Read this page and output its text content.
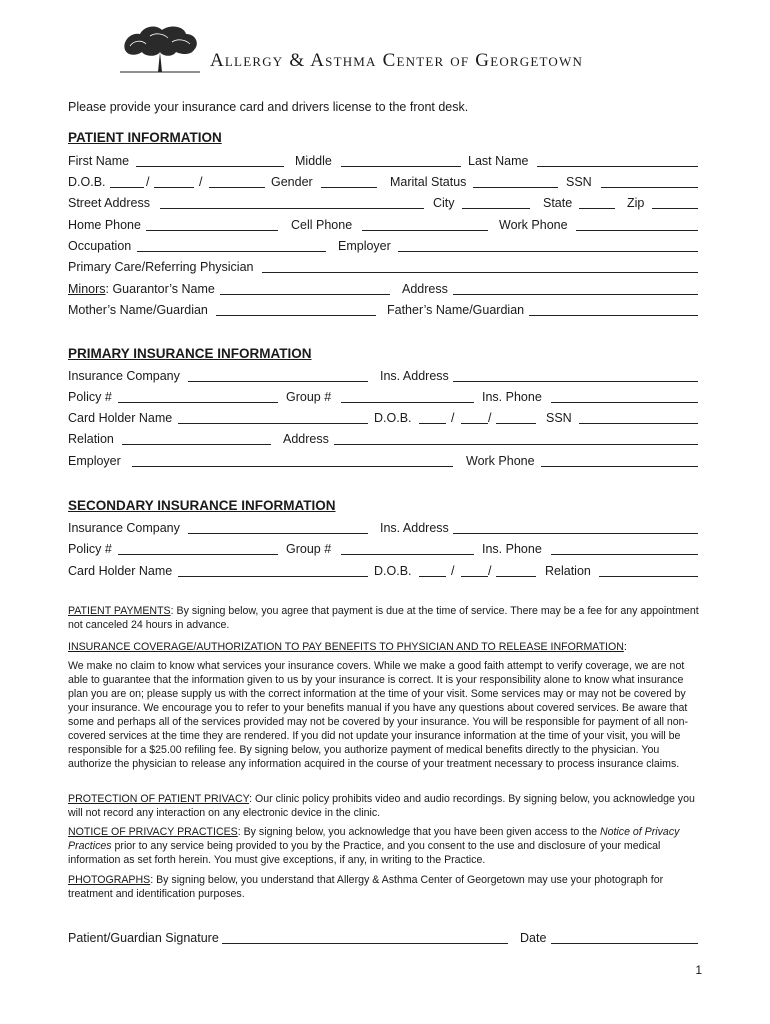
Allergy & Asthma Center of Georgetown
Please provide your insurance card and drivers license to the front desk.
PATIENT INFORMATION
First Name	Middle	Last Name
D.O.B.	/	/	Gender	Marital Status	SSN
Street Address	City	State	Zip
Home Phone	Cell Phone	Work Phone
Occupation	Employer
Primary Care/Referring Physician
Minors: Guarantor’s Name	Address
Mother’s Name/Guardian	Father’s Name/Guardian
PRIMARY INSURANCE INFORMATION
Insurance Company	Ins. Address
Policy #	Group #	Ins. Phone
Card Holder Name	D.O.B.	/	/	SSN
Relation	Address
Employer	Work Phone
SECONDARY INSURANCE INFORMATION
Insurance Company	Ins. Address
Policy #	Group #	Ins. Phone
Card Holder Name	D.O.B.	/	/	Relation
PATIENT PAYMENTS: By signing below, you agree that payment is due at the time of service. There may be a fee for any appointment not canceled 24 hours in advance.
INSURANCE COVERAGE/AUTHORIZATION TO PAY BENEFITS TO PHYSICIAN AND TO RELEASE INFORMATION:
We make no claim to know what services your insurance covers. While we make a good faith attempt to verify coverage, we are not able to guarantee that the information given to us by your insurance is correct. It is your responsibility alone to know what insurance plan you are on; please supply us with the correct information at the time of your visit. Some services may or may not be covered by your insurance. We encourage you to refer to your benefits manual if you have any questions about covered services. Be aware that some and perhaps all of the services provided may not be covered by your insurance. You will be responsible for payment of all non-covered services at the time they are rendered. If you did not update your insurance information at the time of your visit, you will be responsible for a $25.00 refiling fee. By signing below, you authorize payment of medical benefits directly to the physician. You authorize the physician to release any information acquired in the course of your treatment necessary to process insurance claims.
PROTECTION OF PATIENT PRIVACY: Our clinic policy prohibits video and audio recordings. By signing below, you acknowledge you will not record any interaction on any electronic device in the clinic.
NOTICE OF PRIVACY PRACTICES: By signing below, you acknowledge that you have been given access to the Notice of Privacy Practices prior to any service being provided to you by the Practice, and you consent to the use and disclosure of your medical information as set forth herein. You must give exceptions, if any, in writing to the Practice.
PHOTOGRAPHS: By signing below, you understand that Allergy & Asthma Center of Georgetown may use your photograph for treatment and identification purposes.
Patient/Guardian Signature	Date
1
